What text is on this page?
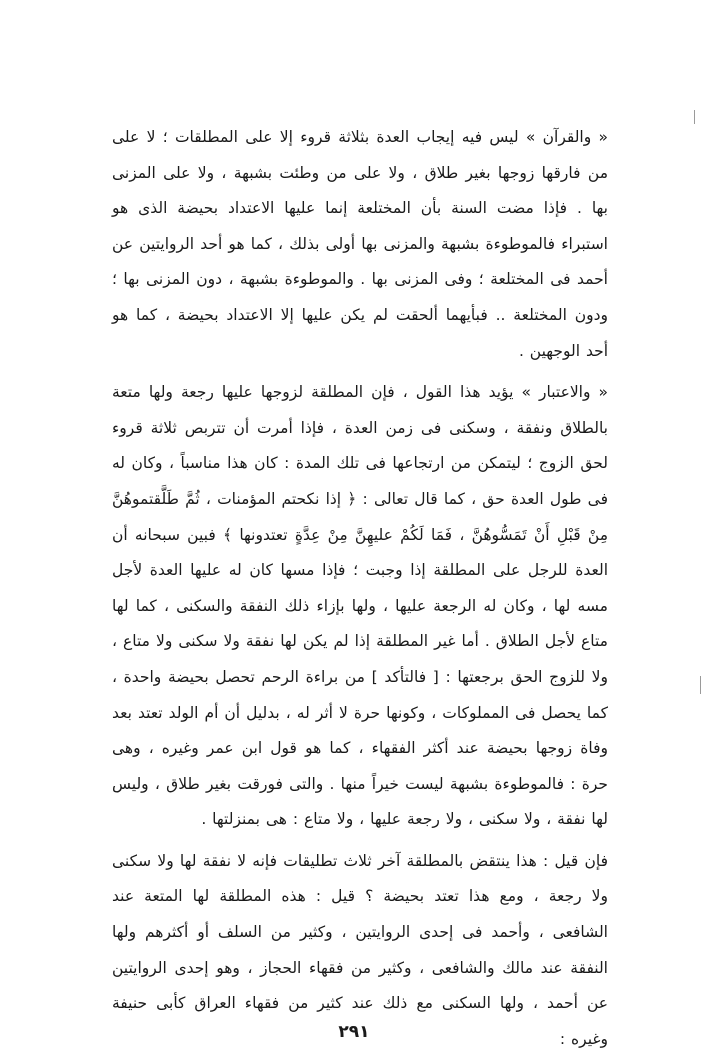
« والقرآن » ليس فيه إيجاب العدة بثلاثة قروء إلا على المطلقات ؛ لا على من فارقها زوجها بغير طلاق ، ولا على من وطئت بشبهة ، ولا على المزنى بها . فإذا مضت السنة بأن المختلعة إنما عليها الاعتداد بحيضة الذى هو استبراء فالموطوءة بشبهة والمزنى بها أولى بذلك ، كما هو أحد الروايتين عن أحمد فى المختلعة ؛ وفى المزنى بها . والموطوءة بشبهة ، دون المزنى بها ؛ ودون المختلعة .. فبأيهما ألحقت لم يكن عليها إلا الاعتداد بحيضة ، كما هو أحد الوجهين .

« والاعتبار » يؤيد هذا القول ، فإن المطلقة لزوجها عليها رجعة ولها متعة بالطلاق ونفقة ، وسكنى فى زمن العدة ، فإذا أمرت أن تتربص ثلاثة قروء لحق الزوج ؛ ليتمكن من ارتجاعها فى تلك المدة : كان هذا مناسباً ، وكان له فى طول العدة حق ، كما قال تعالى : ﴿ إذا نكحتم المؤمنات ، ثُمَّ طَلَّقتموهُنَّ مِنْ قَبْلِ أَنْ تَمَسُّوهُنَّ ، فَمَا لَكُمْ عليهِنَّ مِنْ عِدَّةٍ تعتدونها ﴾ فبين سبحانه أن العدة للرجل على المطلقة إذا وجبت ؛ فإذا مسها كان له عليها العدة لأجل مسه لها ، وكان له الرجعة عليها ، ولها بإزاء ذلك النفقة والسكنى ، كما لها متاع لأجل الطلاق . أما غير المطلقة إذا لم يكن لها نفقة ولا سكنى ولا متاع ، ولا للزوج الحق برجعتها : [ فالتأكد ] من براءة الرحم تحصل بحيضة واحدة ، كما يحصل فى المملوكات ، وكونها حرة لا أثر له ، بدليل أن أم الولد تعتد بعد وفاة زوجها بحيضة عند أكثر الفقهاء ، كما هو قول ابن عمر وغيره ، وهى حرة : فالموطوءة بشبهة ليست خيراً منها . والتى فورقت بغير طلاق ، وليس لها نفقة ، ولا سكنى ، ولا رجعة عليها ، ولا متاع : هى بمنزلتها .

فإن قيل : هذا ينتقض بالمطلقة آخر ثلاث تطليقات فإنه لا نفقة لها ولا سكنى ولا رجعة ، ومع هذا تعتد بحيضة ؟ قيل : هذه المطلقة لها المتعة عند الشافعى ، وأحمد فى إحدى الروايتين ، وكثير من السلف أو أكثرهم ولها النفقة عند مالك والشافعى ، وكثير من فقهاء الحجاز ، وهو إحدى الروايتين عن أحمد ، ولها السكنى مع ذلك عند كثير من فقهاء العراق كأبى حنيفة وغيره :

٢٩١
